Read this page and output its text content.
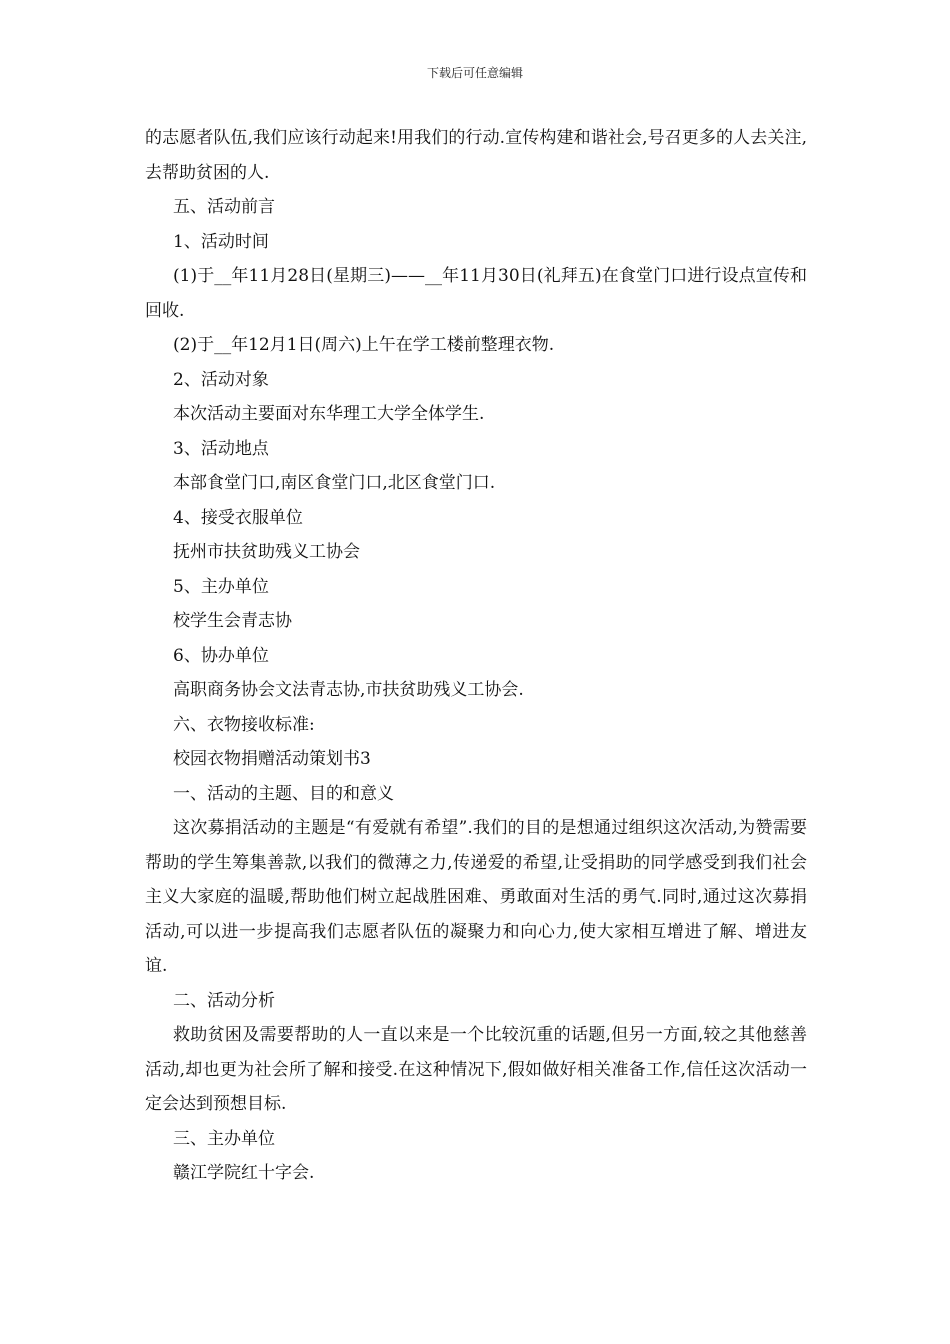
下载后可任意编辑

的志愿者队伍,我们应该行动起来!用我们的行动.宣传构建和谐社会,号召更多的人去关注,去帮助贫困的人.

五、活动前言

1、活动时间

(1)于__年11月28日(星期三)——__年11月30日(礼拜五)在食堂门口进行设点宣传和回收.

(2)于__年12月1日(周六)上午在学工楼前整理衣物.

2、活动对象

本次活动主要面对东华理工大学全体学生.

3、活动地点

本部食堂门口,南区食堂门口,北区食堂门口.

4、接受衣服单位

抚州市扶贫助残义工协会

5、主办单位

校学生会青志协

6、协办单位

高职商务协会文法青志协,市扶贫助残义工协会.

六、衣物接收标准:

校园衣物捐赠活动策划书3

一、活动的主题、目的和意义

这次募捐活动的主题是“有爱就有希望”.我们的目的是想通过组织这次活动,为赞需要帮助的学生筹集善款,以我们的微薄之力,传递爱的希望,让受捐助的同学感受到我们社会主义大家庭的温暖,帮助他们树立起战胜困难、勇敢面对生活的勇气.同时,通过这次募捐活动,可以进一步提高我们志愿者队伍的凝聚力和向心力,使大家相互增进了解、增进友谊.

二、活动分析

救助贫困及需要帮助的人一直以来是一个比较沉重的话题,但另一方面,较之其他慈善活动,却也更为社会所了解和接受.在这种情况下,假如做好相关准备工作,信任这次活动一定会达到预想目标.

三、主办单位

赣江学院红十字会.
